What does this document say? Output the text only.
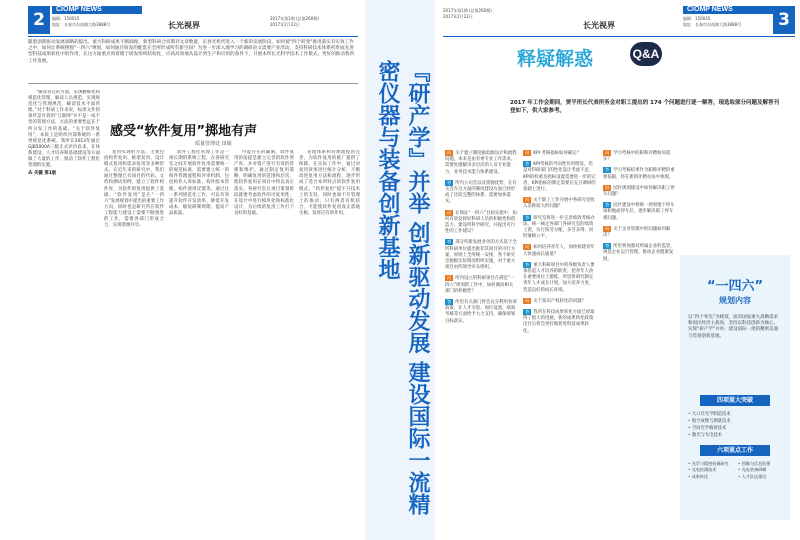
2
CIOMP NEWS
编辑：150035
地址：长春市东南湖大路3888号	长光视界
2017年第1期 (总第260期)
2017年2月22日
随着创新驱动发展战略的提出，重大科研成果不断涌现，新型科研合同期刊文章数量，长春光机所进入一个新的发展阶段。如何使"四个转变"推进落实有实效工作之中，如何让系统摆脱"一四六"规划，如何通过研发的配套在全所形成所有新空间？为进一步深入地学习的调研论文需要产业活动，支持科研技术体系所形成先进型科技成果转化中的作用，在这方面重点将着眼于研发组织结构化，应高高效地从设计到生产和应用的条件下，开展本所长光科学技术工作模式，更好的推动我所工作发展。
感受“软件复用”掷地有声
质量管理处 田娟

“解读各自的方面，实现精细化和规范化管理，解读人员规范，实现规范化与管理规范，解读技术平面管理。”对于科研工作来说，标准文件的条件是有效的“互联网”并不是一成不变的管理方法，方法的重要性远在于所分发工作的基础。“关于软件复用”，本质上是组织内部系统的一系列规范化系统，我所在2013年通过GJB5000A三级正式评价以来，在体系建设、人才培养和基础建设等方面做了大量的工作，推动了软件工程化管理的实施。

⁂ 关键 第1版

复用实现的方法，主要包括构件复用、框架复用、设计模式复用和需求复用等多种形式。在近年来的研究中，我们通过整理已有项目的代码、文档和测试用例，建立了软件构件库，为软件的复用提供了基础。“软件复用”是在“一四六”发展规划中提出的重要工作方向，同时也是研究所在软件工程能力建设上需要不断推进的工作，需要各部门形成合力，实现资源共享。

软件工程化管理工作是一项长期的系统工程，在各研究室之间开展软件复用需要统一的规范标准，需要建立统一的构件管理流程和评审机制，包括构件入库标准、构件版本管理、构件使用反馈等。通过这一系列规范化工作，可以有效提升软件开发效率，降低开发成本，缩短研制周期，提高产品质量。

可能存在的漏洞，软件复用的前提是建立完善的软件资产库，并对资产进行有效的管理和维护。通过制定复用策略，明确复用的范围和层次，使软件复用在项目中得以真正落实。各研究室在项目策划阶段就要考虑软件的可复用性，在设计中进行模块化和标准化设计，为后续的复用工作打下良好的基础。

管理体系和管理流程的完善，为软件复用的推广提供了保障。在实际工作中，通过对复用效果进行统计分析，不断改进复用方法和流程，逐步形成了适合本所特点的软件复用模式。“软件复用”提不开技术上的支持，同时也离不开管理上的推动，只有两者有机结合，才能使软件复用真正落地生根，发挥应有的作用。	『研产学』并举 创新驱动发展 建设国际一流精密仪器与装备创新基地
2017年第1期 (总第260期)
2017年2月22日
长光视界
CIOMP NEWS
编辑：150035
地址：长春市东南湖大路3888号 3
释疑解惑	Q&A
2017 年工作会期间，贾平所长代表所务会对职工提出的 174 个问题进行逐一解答，现选取部分问题及解答刊登如下，供大家参考。
问 关于建立制度据低级设计和流程问题，本来是由有委专业工作需求，需要处理解决多层次的人员专业能力，业务技术能力体系建设。
答 所内公司会以及资源优势，在有关会在这方面的制度建设方面已经形成了比较完整的体系，需要加快落实。
问 在保证“一四六”目标实施中，如何有效发挥好科研人员的积极性和创造力，建设所科学研究，并提出可行性的工作建议？
答 部分所新发展业务的方式基于全所科研单位提出推荐其项目的可行方案，原则上全所统一安排，各个研究室根据实际情况组织实施，对于重大项目由所领导牵头组织。
问 所内设立的科研项目在满足“一四六”规划的工作中，如何调动相关部门的积极性？
答 所里有关部门将会充分利用各项政策，在人才引进、岗位设置、绩效考核等方面给予大力支持，确保规划目标落实。
问 KPI 考核指标如何确定？
答 KPI考核的导向性作用明显，但是对科研部门的性化设计考虑不足，KPI的权重及指标设置需要进一步的完善，KPI指标的制定需要在充分调研的基础上进行。
问 关于职工工作开展中各研究室收入差距较大的问题？
答 研究室将进一步完善绩效考核办法，统一核定各部门各研究室的绩效工资，实行按劳分配，多劳多得，同时兼顾公平。
问 如何培养青年人，加快构建青年人快速成长通道？
答 重大科研项目中的各级负责人要承担起人才培养的职责，把青年人放在重要岗位上锻炼，所里将研究制定青年人才成长计划，加大培养力度，营造良好的成长环境。
问 关于知识产权转化的问题？
答 我所在科技成果转化方面已经取得了很大的进展，新的成果转化政策出台后将会更好地促进科技成果转化。
问 学习考核中的职称评聘如何落实？
答 学习考核结果作为职称评聘的重要依据，将在新的评聘办法中体现。
问 园区规划建设中如何解决职工停车问题？
答 园区建设中将统一规划地下停车场和地面停车位，逐步解决职工停车难问题。
问 关于企业管理中的问题如何解决？
答 所里将加强对所属企业的监管，规范企业运行管理，推动企业健康发展。
“一四六”
规划内容
以“四个率先”为统领，面向国家重大战略需求和国民经济主战场，坚持以科技创新为核心，实现“研产学”并举，建设国际一流的精密仪器与装备创新基地。
四项重大突破
• 大口径光学制造技术
• 航空成像与测量技术
• 空间光学载荷技术
• 激光与光电技术
六项重点工作
• 光学与精密机械研究	• 图像与信息处理
• 光电检测技术	• 光电装备研制
• 成果转化	• 人才队伍建设
